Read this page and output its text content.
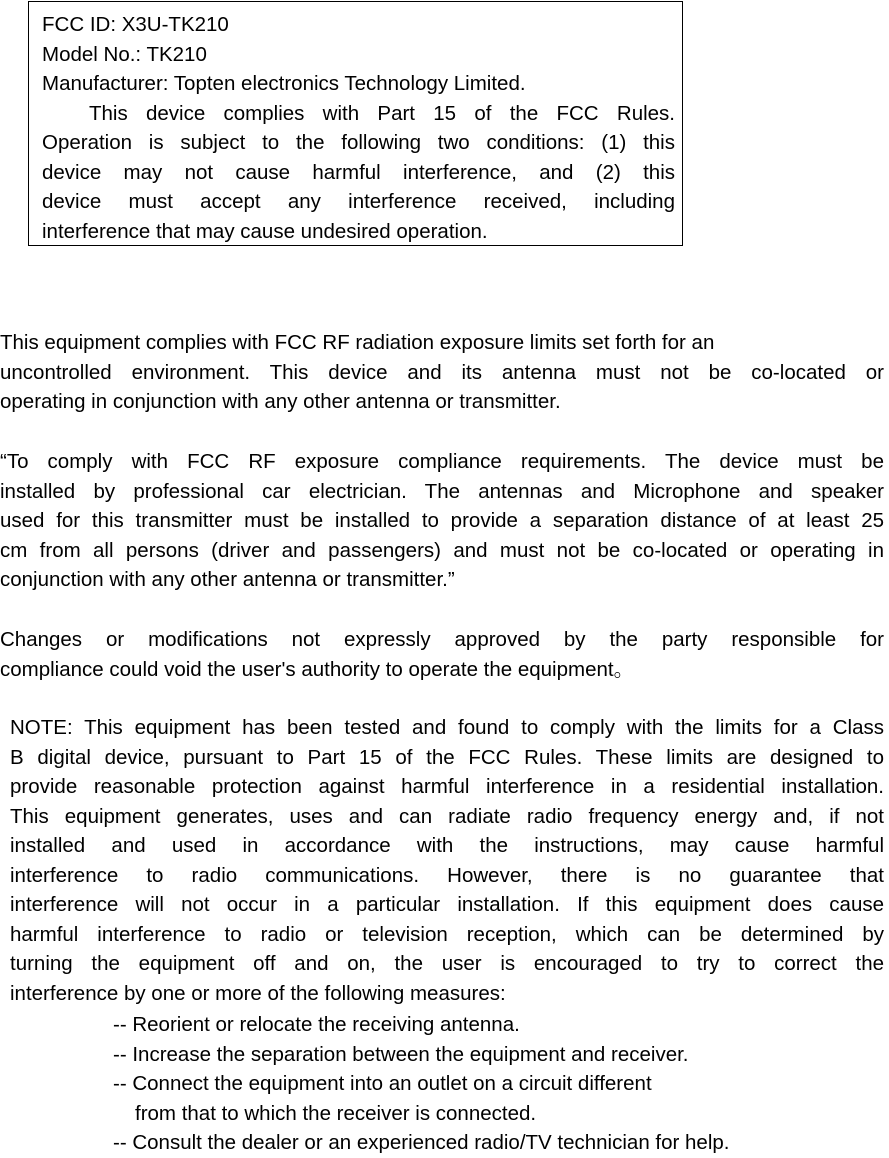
FCC ID: X3U-TK210
Model No.: TK210
Manufacturer: Topten electronics Technology Limited.
This device complies with Part 15 of the FCC Rules.
Operation is subject to the following two conditions: (1) this
device may not cause harmful interference, and (2) this
device must accept any interference received, including
interference that may cause undesired operation.
This equipment complies with FCC RF radiation exposure limits set forth for an
uncontrolled environment. This device and its antenna must not be co-located or
operating in conjunction with any other antenna or transmitter.
“To comply with FCC RF exposure compliance requirements. The device must be
installed by professional car electrician. The antennas and Microphone and speaker
used for this transmitter must be installed to provide a separation distance of at least 25
cm from all persons (driver and passengers) and must not be co-located or operating in
conjunction with any other antenna or transmitter.”
Changes or modifications not expressly approved by the party responsible for
compliance could void the user's authority to operate the equipment。
NOTE: This equipment has been tested and found to comply with the limits for a Class
B digital device, pursuant to Part 15 of the FCC Rules. These limits are designed to
provide reasonable protection against harmful interference in a residential installation.
This equipment generates, uses and can radiate radio frequency energy and, if not
installed and used in accordance with the instructions, may cause harmful
interference to radio communications. However, there is no guarantee that
interference will not occur in a particular installation. If this equipment does cause
harmful interference to radio or television reception, which can be determined by
turning the equipment off and on, the user is encouraged to try to correct the
interference by one or more of the following measures:
-- Reorient or relocate the receiving antenna.
-- Increase the separation between the equipment and receiver.
-- Connect the equipment into an outlet on a circuit different
from that to which the receiver is connected.
-- Consult the dealer or an experienced radio/TV technician for help.
